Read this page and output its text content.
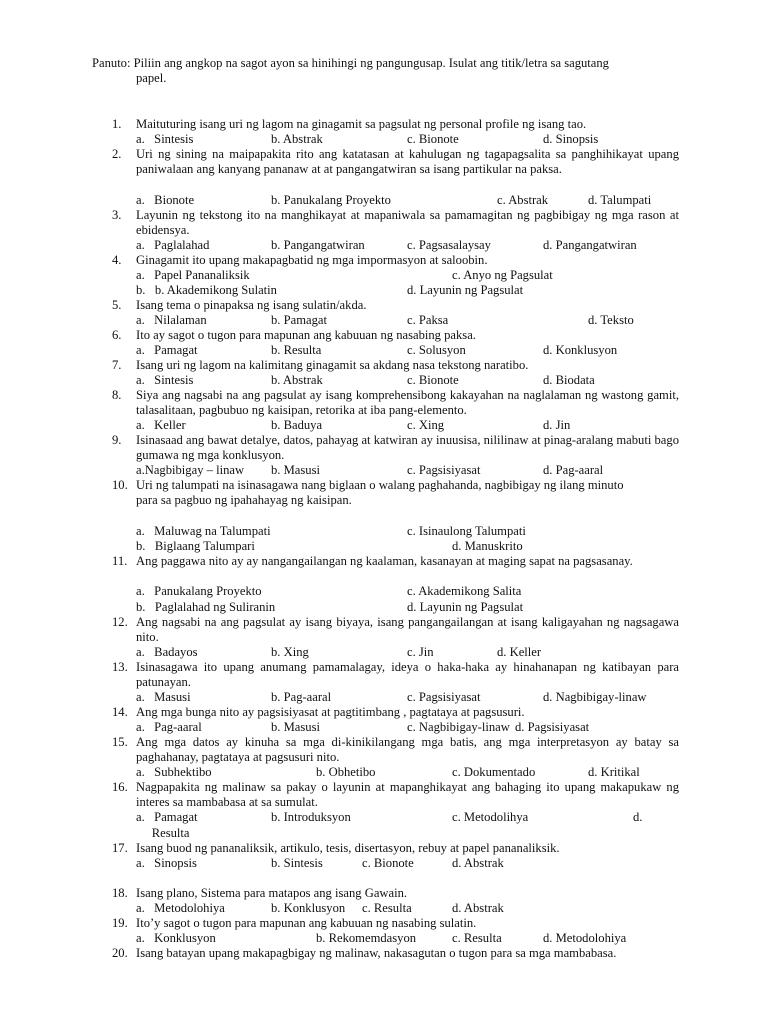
Panuto: Piliin ang angkop na sagot ayon sa hinihingi ng pangungusap. Isulat ang titik/letra sa sagutang
papel.
1.	Maituturing isang uri ng lagom na ginagamit sa pagsulat ng personal profile ng isang tao.
a.   Sintesis	b. Abstrak	c. Bionote	d. Sinopsis
2.	Uri ng sining na maipapakita rito ang katatasan at kahulugan ng tagapagsalita sa panghihikayat upang paniwalaan ang kanyang pananaw at at pangangatwiran sa isang partikular na paksa.
a.   Bionote	b. Panukalang Proyekto	c. Abstrak	d. Talumpati
3.	Layunin ng tekstong ito na manghikayat at mapaniwala sa pamamagitan ng pagbibigay ng mga rason at ebidensya.
a.   Paglalahad	b. Pangangatwiran	c. Pagsasalaysay	d. Pangangatwiran
4.	Ginagamit ito upang makapagbatid ng mga impormasyon at saloobin.
a.   Papel Pananaliksik	c. Anyo ng Pagsulat
b.   b. Akademikong Sulatin	d. Layunin ng Pagsulat
5.	Isang tema o pinapaksa ng isang sulatin/akda.
a.   Nilalaman	b. Pamagat	c. Paksa	d. Teksto
6.	Ito ay sagot o tugon para mapunan ang kabuuan ng nasabing paksa.
a.   Pamagat	b. Resulta	c. Solusyon	d. Konklusyon
7.	Isang uri ng lagom na kalimitang ginagamit sa akdang nasa tekstong naratibo.
a.   Sintesis	b. Abstrak	c. Bionote	d. Biodata
8.	Siya ang nagsabi na ang pagsulat ay isang komprehensibong kakayahan na naglalaman ng wastong gamit, talasalitaan, pagbubuo ng kaisipan, retorika at iba pang-elemento.
a.   Keller	b. Baduya	c. Xing	d. Jin
9.	Isinasaad ang bawat detalye, datos, pahayag at katwiran ay inuusisa, nililinaw at pinag-aralang mabuti bago gumawa ng mga konklusyon.
a.Nagbibigay – linaw b. Masusi	c. Pagsisiyasat	d. Pag-aaral
10. Uri ng talumpati na isinasagawa nang biglaan o walang paghahanda, nagbibigay ng ilang minuto
para sa pagbuo ng ipahahayag ng kaisipan.
a.   Maluwag na Talumpati	c. Isinaulong Talumpati
b.   Biglaang Talumpari	d. Manuskrito
11. Ang paggawa nito ay ay nangangailangan ng kaalaman, kasanayan at maging sapat na pagsasanay.
a.   Panukalang Proyekto	c. Akademikong Salita
b.   Paglalahad ng Suliranin	d. Layunin ng Pagsulat
12. Ang nagsabi na ang pagsulat ay isang biyaya, isang pangangailangan at isang kaligayahan ng nagsagawa nito.
a.   Badayos	b. Xing	c. Jin	d. Keller
13. Isinasagawa ito upang anumang pamamalagay, ideya o haka-haka ay hinahanapan ng katibayan para patunayan.
a.   Masusi	b. Pag-aaral	c. Pagsisiyasat	d. Nagbibigay-linaw
14. Ang mga bunga nito ay pagsisiyasat at pagtitimbang , pagtataya at pagsusuri.
a.   Pag-aaral	b. Masusi	c. Nagbibigay-linaw d. Pagsisiyasat
15. Ang mga datos ay kinuha sa mga di-kinikilangang mga batis, ang mga interpretasyon ay batay sa paghahanay, pagtataya at pagsusuri nito.
a.   Subhektibo	b. Obhetibo	c. Dokumentado	d. Kritikal
16. Nagpapakita ng malinaw sa pakay o layunin at mapanghikayat ang bahaging ito upang makapukaw ng interes sa mambabasa at sa sumulat.
a.   Pamagat	b. Introduksyon	c. Metodolihya	d.
Resulta
17. Isang buod ng pananaliksik, artikulo, tesis, disertasyon, rebuy at papel pananaliksik.
a.   Sinopsis	b. Sintesis	c. Bionote	d. Abstrak
18. Isang plano, Sistema para matapos ang isang Gawain.
a.   Metodolohiya	b. Konklusyon c. Resulta	d. Abstrak
19. Ito’y sagot o tugon para mapunan ang kabuuan ng nasabing sulatin.
a.   Konklusyon	b. Rekomemdasyon	c. Resulta	d. Metodolohiya
20. Isang batayan upang makapagbigay ng malinaw, nakasagutan o tugon para sa mga mambabasa.
